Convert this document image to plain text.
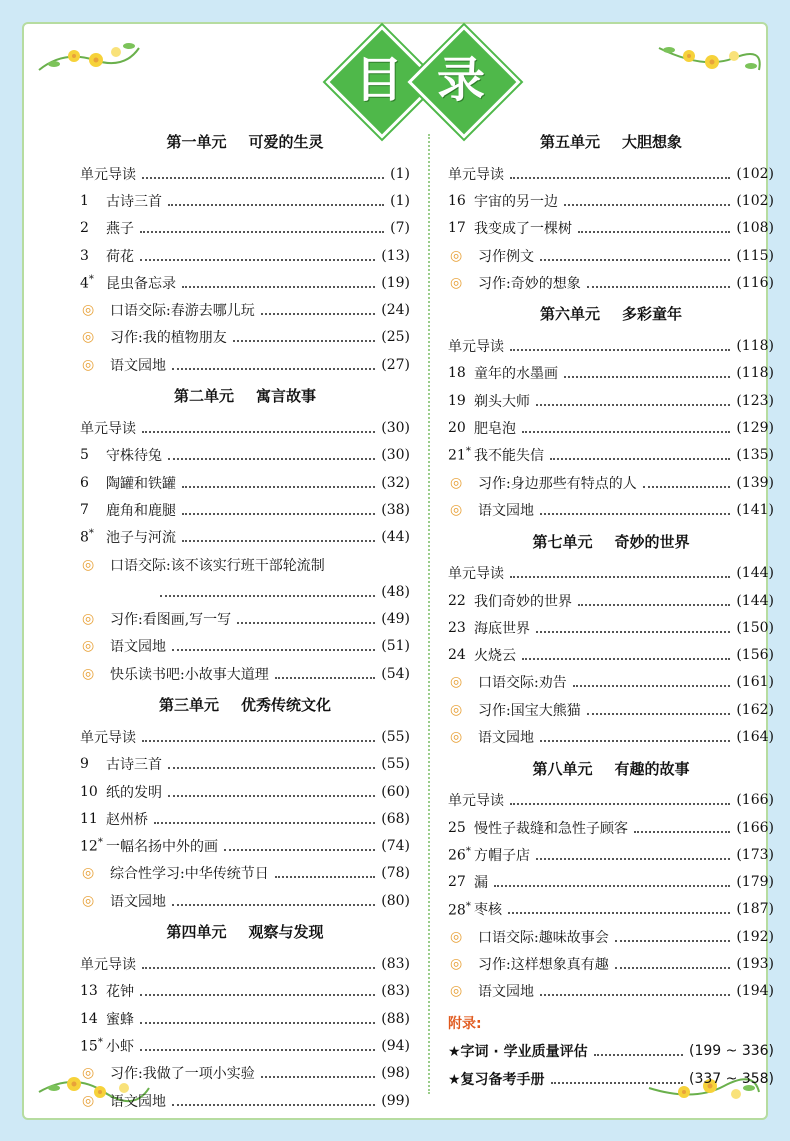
目 录
第一单元 可爱的生灵
单元导读	(1)
1	古诗三首	(1)
2	燕子	(7)
3	荷花	(13)
4* 昆虫备忘录	(19)
◎	口语交际:春游去哪儿玩	(24)
◎	习作:我的植物朋友	(25)
◎	语文园地	(27)
第二单元 寓言故事
单元导读	(30)
5	守株待兔	(30)
6	陶罐和铁罐	(32)
7	鹿角和鹿腿	(38)
8* 池子与河流	(44)
◎	口语交际:该不该实行班干部轮流制
(48)
◎	习作:看图画,写一写	(49)
◎	语文园地	(51)
◎	快乐读书吧:小故事大道理	(54)
第三单元 优秀传统文化
单元导读	(55)
9	古诗三首	(55)
10 纸的发明	(60)
11 赵州桥	(68)
12* 一幅名扬中外的画	(74)
◎	综合性学习:中华传统节日	(78)
◎	语文园地	(80)
第四单元 观察与发现
单元导读	(83)
13 花钟	(83)
14 蜜蜂	(88)
15* 小虾	(94)
◎	习作:我做了一项小实验	(98)
◎	语文园地	(99)
第五单元 大胆想象
单元导读	(102)
16 宇宙的另一边	(102)
17 我变成了一棵树	(108)
◎	习作例文	(115)
◎	习作:奇妙的想象	(116)
第六单元 多彩童年
单元导读	(118)
18 童年的水墨画	(118)
19 剃头大师	(123)
20 肥皂泡	(129)
21* 我不能失信	(135)
◎	习作:身边那些有特点的人	(139)
◎	语文园地	(141)
第七单元 奇妙的世界
单元导读	(144)
22 我们奇妙的世界	(144)
23 海底世界	(150)
24 火烧云	(156)
◎	口语交际:劝告	(161)
◎	习作:国宝大熊猫	(162)
◎	语文园地	(164)
第八单元 有趣的故事
单元导读	(166)
25 慢性子裁缝和急性子顾客	(166)
26* 方帽子店	(173)
27 漏	(179)
28* 枣核	(187)
◎	口语交际:趣味故事会	(192)
◎	习作:这样想象真有趣	(193)
◎	语文园地	(194)
附录:
★字词 · 学业质量评估	(199 ~ 336)
★复习备考手册	(337 ~ 358)
